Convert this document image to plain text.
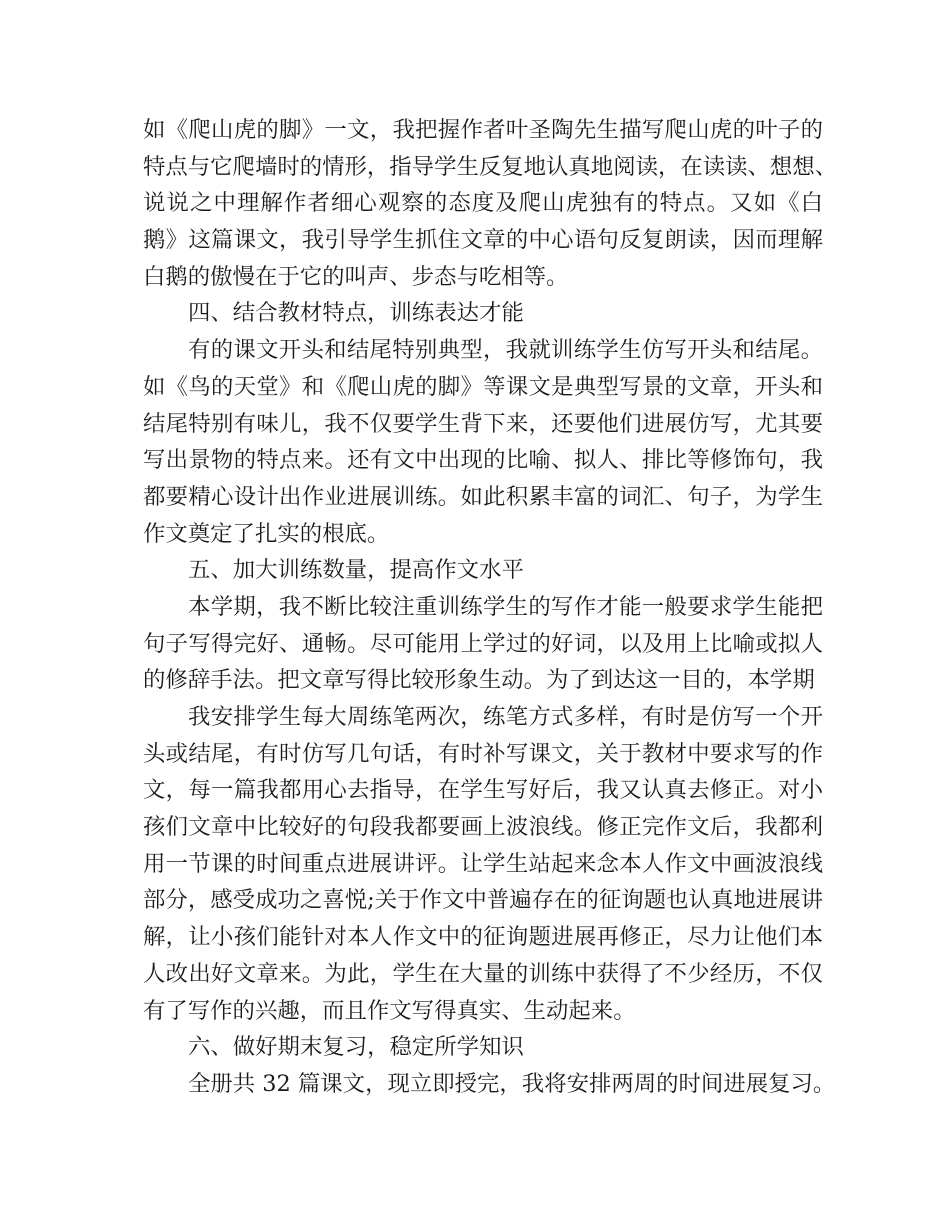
如《爬山虎的脚》一文，我把握作者叶圣陶先生描写爬山虎的叶子的
特点与它爬墙时的情形，指导学生反复地认真地阅读，在读读、想想、
说说之中理解作者细心观察的态度及爬山虎独有的特点。又如《白
鹅》这篇课文，我引导学生抓住文章的中心语句反复朗读，因而理解
白鹅的傲慢在于它的叫声、步态与吃相等。
四、结合教材特点，训练表达才能
有的课文开头和结尾特别典型，我就训练学生仿写开头和结尾。
如《鸟的天堂》和《爬山虎的脚》等课文是典型写景的文章，开头和
结尾特别有味儿，我不仅要学生背下来，还要他们进展仿写，尤其要
写出景物的特点来。还有文中出现的比喻、拟人、排比等修饰句，我
都要精心设计出作业进展训练。如此积累丰富的词汇、句子，为学生
作文奠定了扎实的根底。
五、加大训练数量，提高作文水平
本学期，我不断比较注重训练学生的写作才能一般要求学生能把
句子写得完好、通畅。尽可能用上学过的好词，以及用上比喻或拟人
的修辞手法。把文章写得比较形象生动。为了到达这一目的，本学期
我安排学生每大周练笔两次，练笔方式多样，有时是仿写一个开
头或结尾，有时仿写几句话，有时补写课文，关于教材中要求写的作
文，每一篇我都用心去指导，在学生写好后，我又认真去修正。对小
孩们文章中比较好的句段我都要画上波浪线。修正完作文后，我都利
用一节课的时间重点进展讲评。让学生站起来念本人作文中画波浪线
部分，感受成功之喜悦;关于作文中普遍存在的征询题也认真地进展讲
解，让小孩们能针对本人作文中的征询题进展再修正，尽力让他们本
人改出好文章来。为此，学生在大量的训练中获得了不少经历，不仅
有了写作的兴趣，而且作文写得真实、生动起来。
六、做好期末复习，稳定所学知识
全册共 32 篇课文，现立即授完，我将安排两周的时间进展复习。
